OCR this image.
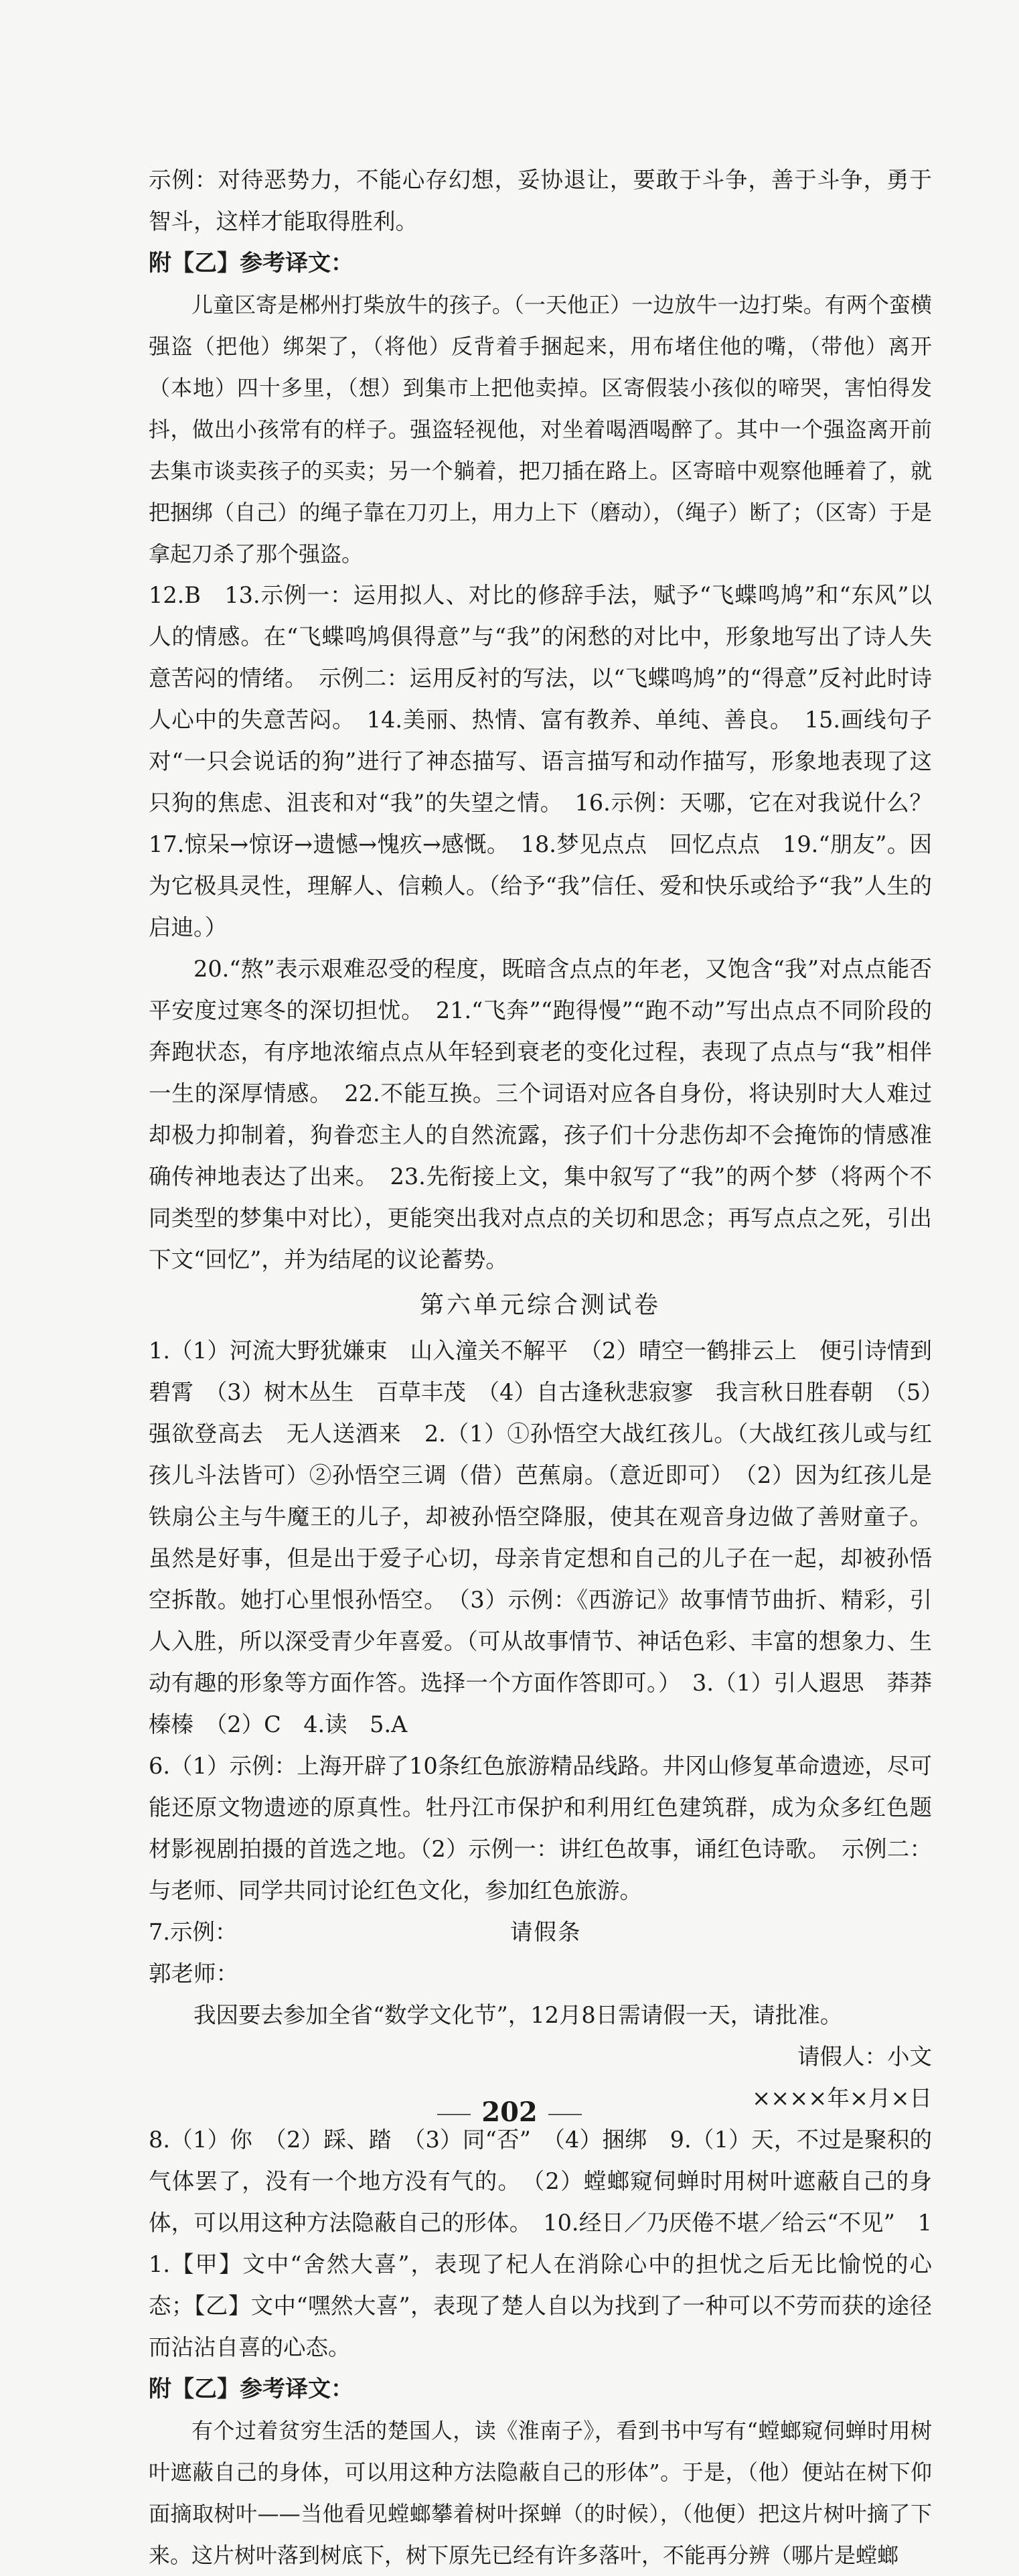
示例：对待恶势力，不能心存幻想，妥协退让，要敢于斗争，善于斗争，勇于智斗，这样才能取得胜利。

附【乙】参考译文：

儿童区寄是郴州打柴放牛的孩子。（一天他正）一边放牛一边打柴。有两个蛮横强盗（把他）绑架了，（将他）反背着手捆起来，用布堵住他的嘴，（带他）离开（本地）四十多里，（想）到集市上把他卖掉。区寄假装小孩似的啼哭，害怕得发抖，做出小孩常有的样子。强盗轻视他，对坐着喝酒喝醉了。其中一个强盗离开前去集市谈卖孩子的买卖；另一个躺着，把刀插在路上。区寄暗中观察他睡着了，就把捆绑（自己）的绳子靠在刀刃上，用力上下（磨动），（绳子）断了；（区寄）于是拿起刀杀了那个强盗。

12.B　13.示例一：运用拟人、对比的修辞手法，赋予“飞蝶鸣鸠”和“东风”以人的情感。在“飞蝶鸣鸠俱得意”与“我”的闲愁的对比中，形象地写出了诗人失意苦闷的情绪。　示例二：运用反衬的写法，以“飞蝶鸣鸠”的“得意”反衬此时诗人心中的失意苦闷。　14.美丽、热情、富有教养、单纯、善良。　15.画线句子对“一只会说话的狗”进行了神态描写、语言描写和动作描写，形象地表现了这只狗的焦虑、沮丧和对“我”的失望之情。　16.示例：天哪，它在对我说什么？　17.惊呆→惊讶→遗憾→愧疚→感慨。　18.梦见点点　回忆点点　19.“朋友”。因为它极具灵性，理解人、信赖人。（给予“我”信任、爱和快乐或给予“我”人生的启迪。）

20.“熬”表示艰难忍受的程度，既暗含点点的年老，又饱含“我”对点点能否平安度过寒冬的深切担忧。　21.“飞奔”“跑得慢”“跑不动”写出点点不同阶段的奔跑状态，有序地浓缩点点从年轻到衰老的变化过程，表现了点点与“我”相伴一生的深厚情感。　22.不能互换。三个词语对应各自身份，将诀别时大人难过却极力抑制着，狗眷恋主人的自然流露，孩子们十分悲伤却不会掩饰的情感准确传神地表达了出来。　23.先衔接上文，集中叙写了“我”的两个梦（将两个不同类型的梦集中对比），更能突出我对点点的关切和思念；再写点点之死，引出下文“回忆”，并为结尾的议论蓄势。

第六单元综合测试卷

1.（1）河流大野犹嫌束　山入潼关不解平　（2）晴空一鹤排云上　便引诗情到碧霄　（3）树木丛生　百草丰茂　（4）自古逢秋悲寂寥　我言秋日胜春朝　（5）强欲登高去　无人送酒来　2.（1）①孙悟空大战红孩儿。（大战红孩儿或与红孩儿斗法皆可）②孙悟空三调（借）芭蕉扇。（意近即可）　（2）因为红孩儿是铁扇公主与牛魔王的儿子，却被孙悟空降服，使其在观音身边做了善财童子。虽然是好事，但是出于爱子心切，母亲肯定想和自己的儿子在一起，却被孙悟空拆散。她打心里恨孙悟空。　（3）示例：《西游记》故事情节曲折、精彩，引人入胜，所以深受青少年喜爱。（可从故事情节、神话色彩、丰富的想象力、生动有趣的形象等方面作答。选择一个方面作答即可。）　3.（1）引人遐思　莽莽榛榛　（2）C　4.读　5.A

6.（1）示例：上海开辟了10条红色旅游精品线路。井冈山修复革命遗迹，尽可能还原文物遗迹的原真性。牡丹江市保护和利用红色建筑群，成为众多红色题材影视剧拍摄的首选之地。（2）示例一：讲红色故事，诵红色诗歌。　示例二：与老师、同学共同讨论红色文化，参加红色旅游。

7.示例：	请假条

郭老师：

我因要去参加全省“数学文化节”，12月8日需请假一天，请批准。

请假人：小文

××××年×月×日

8.（1）你　（2）踩、踏　（3）同“否”　（4）捆绑　9.（1）天，不过是聚积的气体罢了，没有一个地方没有气的。　（2）螳螂窥伺蝉时用树叶遮蔽自己的身体，可以用这种方法隐蔽自己的形体。　10.经日／乃厌倦不堪／给云“不见”　11.【甲】文中“舍然大喜”，表现了杞人在消除心中的担忧之后无比愉悦的心态；【乙】文中“嘿然大喜”，表现了楚人自以为找到了一种可以不劳而获的途径而沾沾自喜的心态。

附【乙】参考译文：

有个过着贫穷生活的楚国人，读《淮南子》，看到书中写有“螳螂窥伺蝉时用树叶遮蔽自己的身体，可以用这种方法隐蔽自己的形体”。于是，（他）便站在树下仰面摘取树叶——当他看见螳螂攀着树叶探蝉（的时候），（他便）把这片树叶摘了下来。这片树叶落到树底下，树下原先已经有许多落叶，不能再分辨（哪片是螳螂

202
